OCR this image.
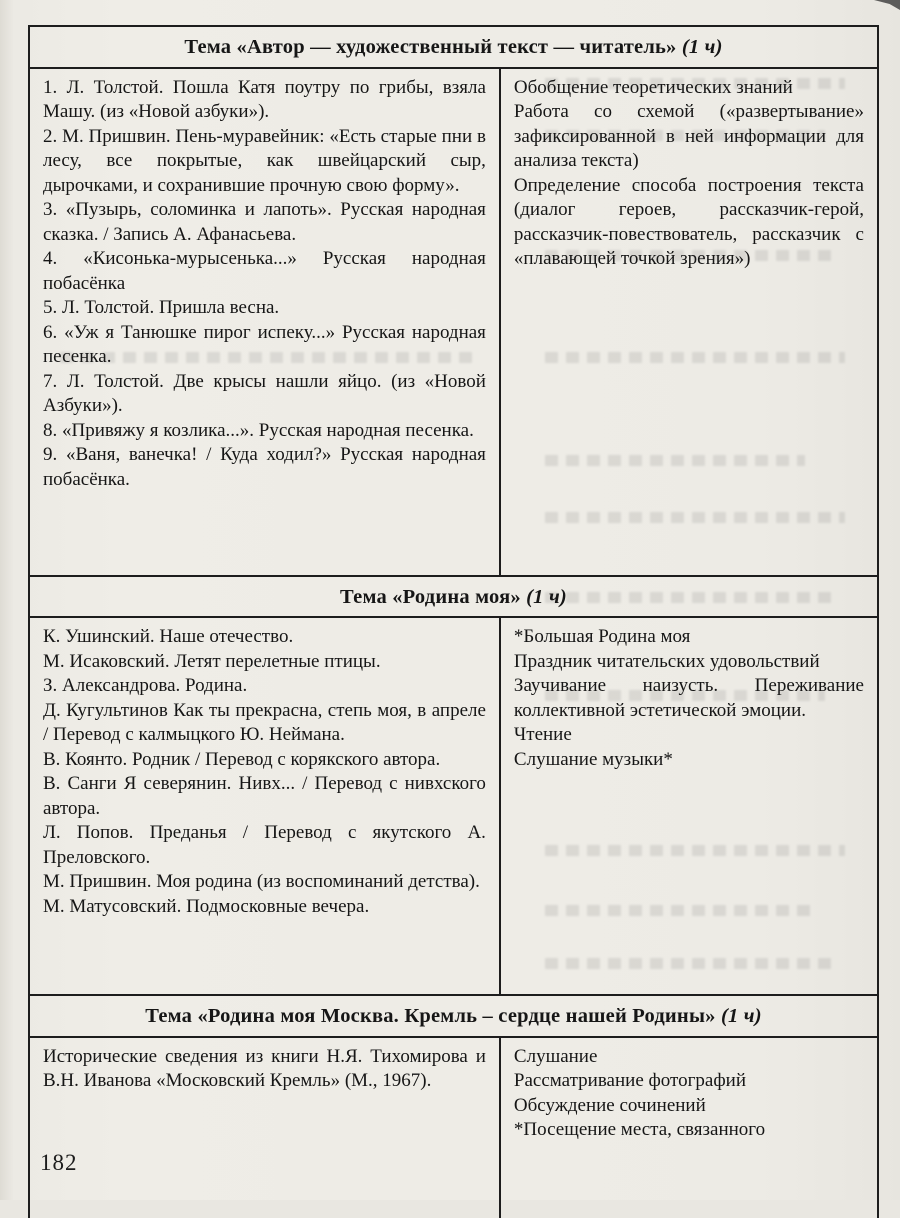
Тема «Автор — художественный текст — читатель» (1 ч)

1. Л. Толстой. Пошла Катя поутру по грибы, взяла Машу. (из «Новой азбуки»).

2. М. Пришвин. Пень-муравейник: «Есть старые пни в лесу, все покрытые, как швейцарский сыр, дырочками, и сохранившие прочную свою форму».

3. «Пузырь, соломинка и лапоть». Русская народная сказка. / Запись А. Афанасьева.

4. «Кисонька-мурысенька...» Русская народная побасёнка

5. Л. Толстой. Пришла весна.

6. «Уж я Танюшке пирог испеку...» Русская народная песенка.

7. Л. Толстой. Две крысы нашли яйцо. (из «Новой Азбуки»).

8. «Привяжу я козлика...». Русская народная песенка.

9. «Ваня, ванечка! / Куда ходил?» Русская народная побасёнка.

Обобщение теоретических знаний

Работа со схемой («развертывание» зафиксированной в ней информации для анализа текста)

Определение способа построения текста (диалог героев, рассказчик-герой, рассказчик-повествователь, рассказчик с «плавающей точкой зрения»)

Тема «Родина моя» (1 ч)

К. Ушинский. Наше отечество.

М. Исаковский. Летят перелетные птицы.

З. Александрова. Родина.

Д. Кугультинов Как ты прекрасна, степь моя, в апреле / Перевод с калмыцкого Ю. Неймана.

В. Коянто. Родник / Перевод с корякского автора.

В. Санги Я северянин. Нивх... / Перевод с нивхского автора.

Л. Попов. Преданья / Перевод с якутского А. Преловского.

М. Пришвин. Моя родина (из воспоминаний детства).

М. Матусовский. Подмосковные вечера.

*Большая Родина моя

Праздник читательских удовольствий

Заучивание наизусть. Переживание коллективной эстетической эмоции.

Чтение

Слушание музыки*

Тема «Родина моя Москва. Кремль – сердце нашей Родины» (1 ч)

Исторические сведения из книги Н.Я. Тихомирова и В.Н. Иванова «Московский Кремль» (М., 1967).

Слушание

Рассматривание фотографий

Обсуждение сочинений

*Посещение места, связанного

182
